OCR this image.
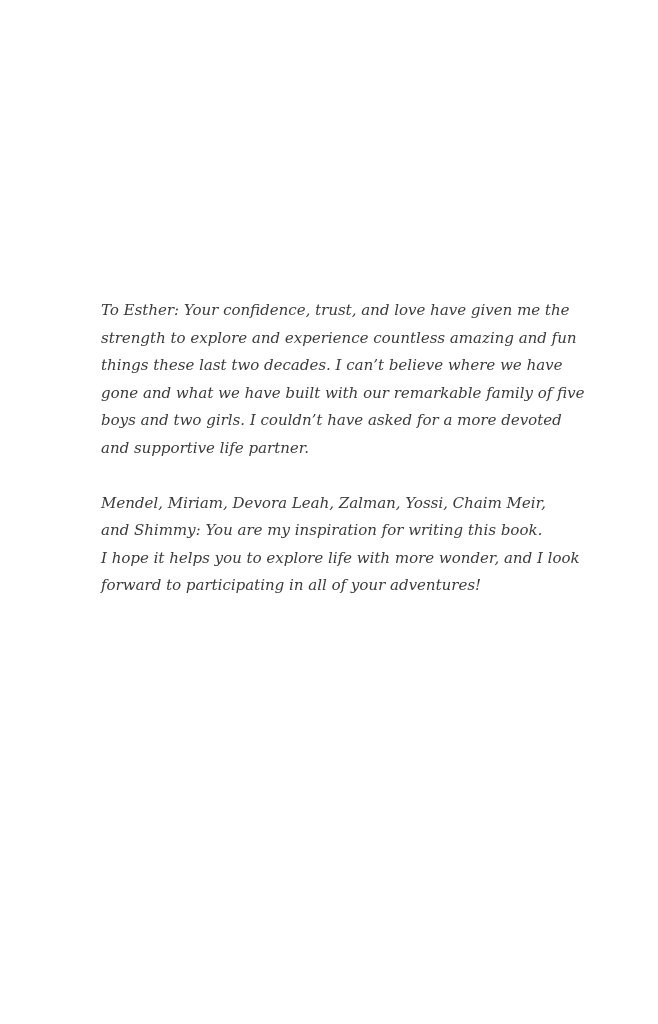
To Esther: Your confidence, trust, and love have given me the
strength to explore and experience countless amazing and fun
things these last two decades. I can’t believe where we have
gone and what we have built with our remarkable family of five
boys and two girls. I couldn’t have asked for a more devoted
and supportive life partner.

Mendel, Miriam, Devora Leah, Zalman, Yossi, Chaim Meir,
and Shimmy: You are my inspiration for writing this book.
I hope it helps you to explore life with more wonder, and I look
forward to participating in all of your adventures!
